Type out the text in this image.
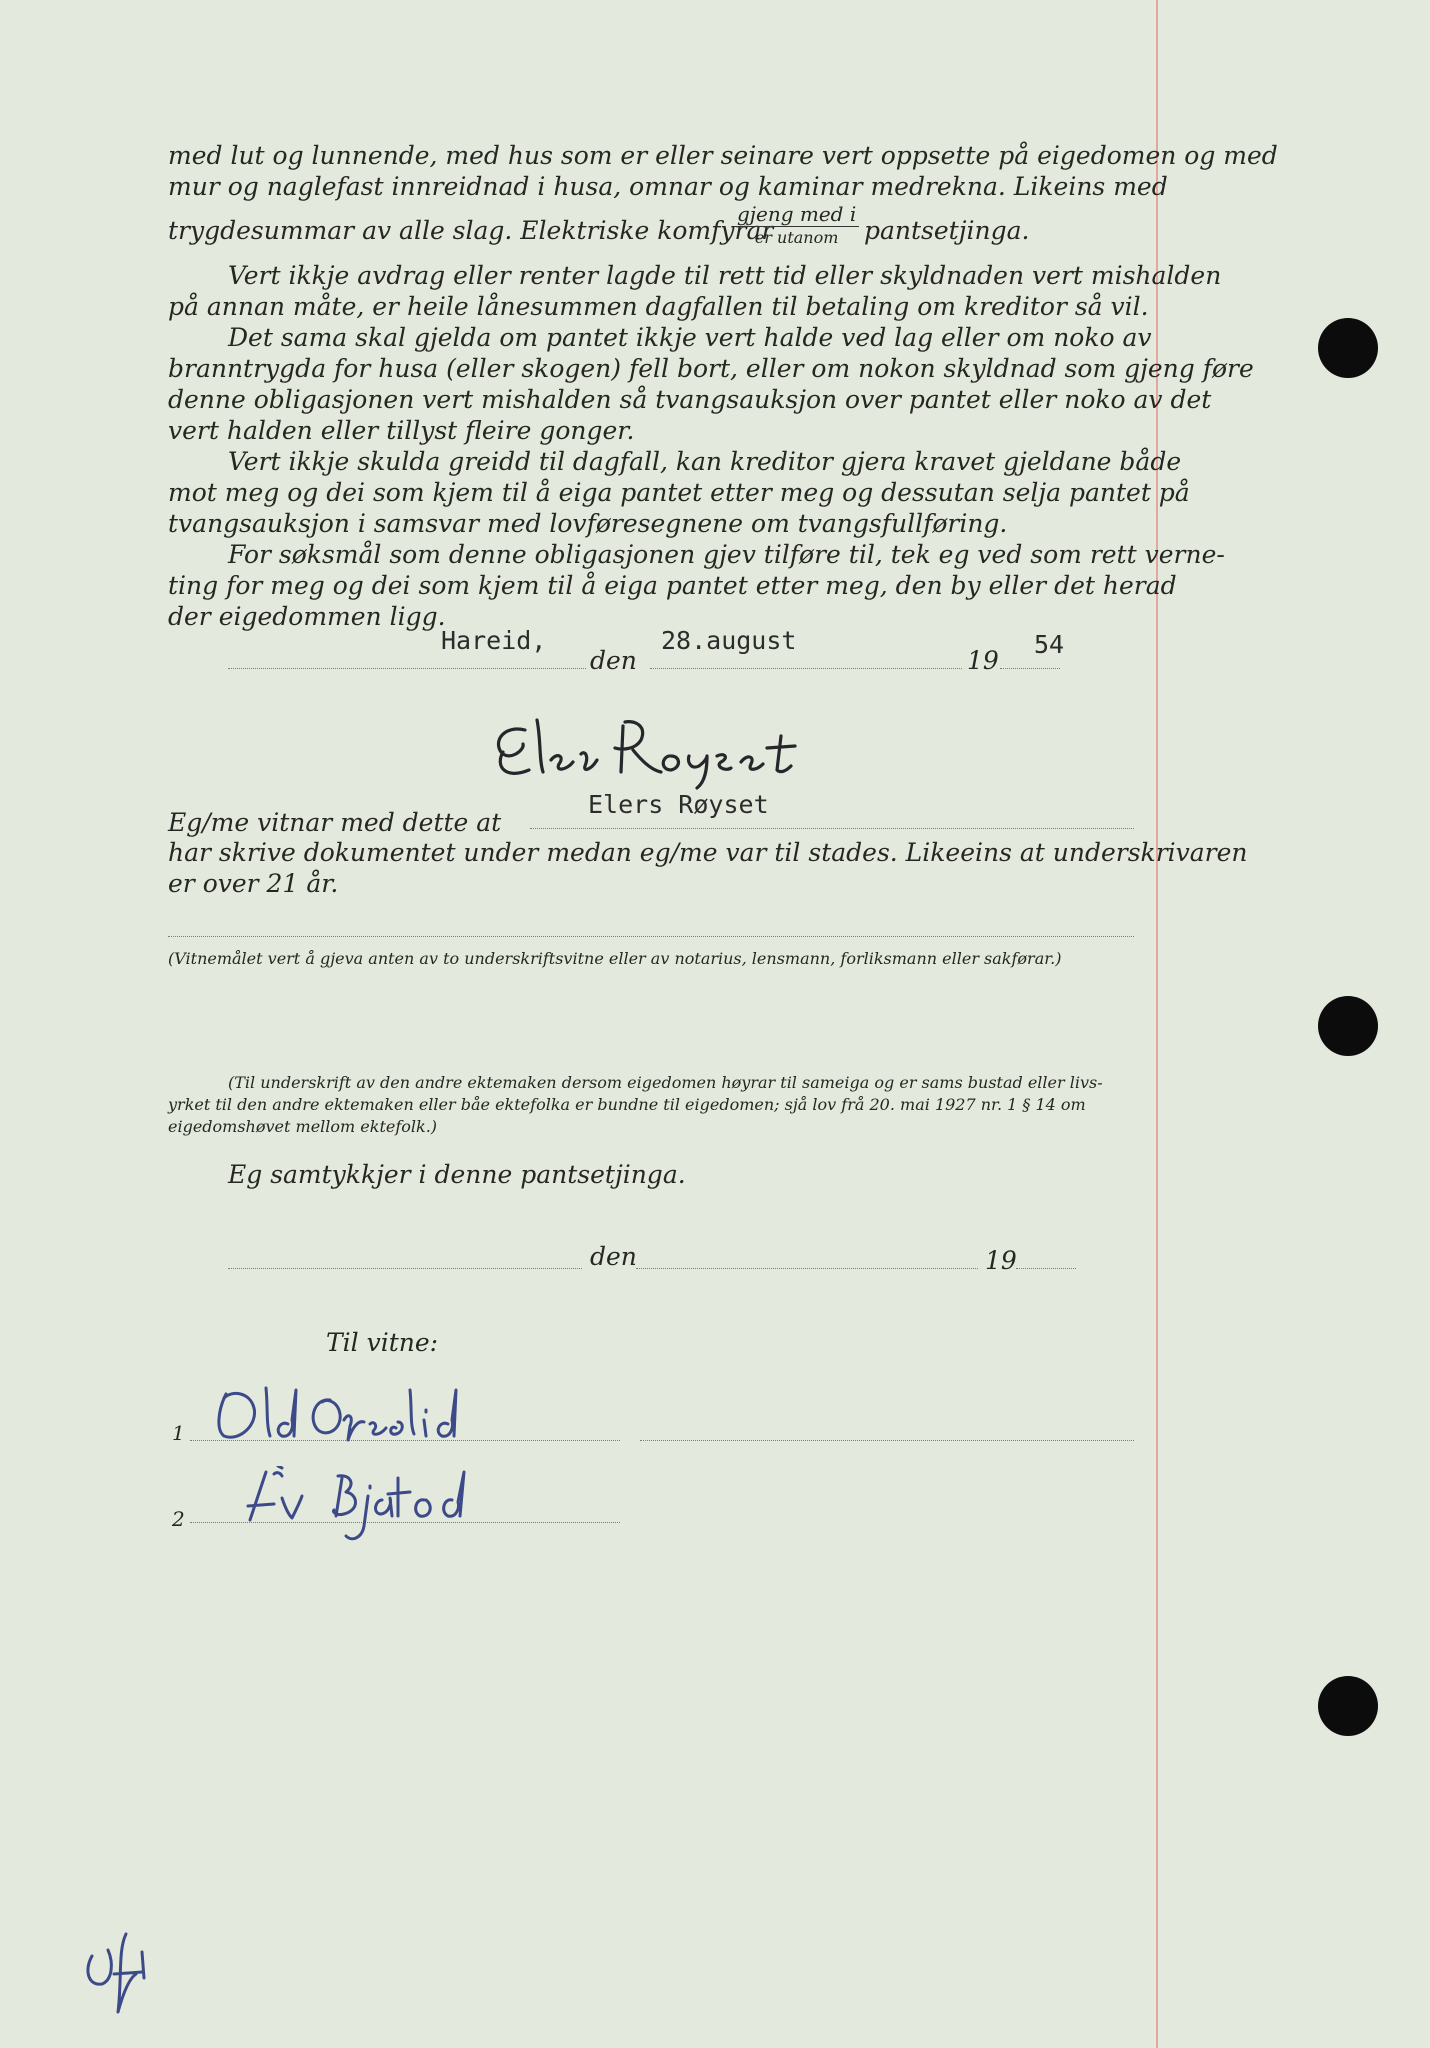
med lut og lunnende, med hus som er eller seinare vert oppsette på eigedomen og med
mur og naglefast innreidnad i husa, omnar og kaminar medrekna. Likeins med
trygdesummar av alle slag. Elektriske komfyrar
gjeng med i
er utanom	pantsetjinga.
Vert ikkje avdrag eller renter lagde til rett tid eller skyldnaden vert mishalden
på annan måte, er heile lånesummen dagfallen til betaling om kreditor så vil.
Det sama skal gjelda om pantet ikkje vert halde ved lag eller om noko av
branntrygda for husa (eller skogen) fell bort, eller om nokon skyldnad som gjeng føre
denne obligasjonen vert mishalden så tvangsauksjon over pantet eller noko av det
vert halden eller tillyst fleire gonger.
Vert ikkje skulda greidd til dagfall, kan kreditor gjera kravet gjeldane både
mot meg og dei som kjem til å eiga pantet etter meg og dessutan selja pantet på
tvangsauksjon i samsvar med lovføresegnene om tvangsfullføring.
For søksmål som denne obligasjonen gjev tilføre til, tek eg ved som rett verne-
ting for meg og dei som kjem til å eiga pantet etter meg, den by eller det herad
der eigedommen ligg.
Hareid,
den
28.august
19
54
Elers Røyset
Eg/me vitnar med dette at
har skrive dokumentet under medan eg/me var til stades. Likeeins at underskrivaren
er over 21 år.
(Vitnemålet vert å gjeva anten av to underskriftsvitne eller av notarius, lensmann, forliksmann eller sakførar.)
(Til underskrift av den andre ektemaken dersom eigedomen høyrar til sameiga og er sams bustad eller livs-
yrket til den andre ektemaken eller båe ektefolka er bundne til eigedomen; sjå lov frå 20. mai 1927 nr. 1 § 14 om
eigedomshøvet mellom ektefolk.)
Eg samtykkjer i denne pantsetjinga.
den	19
Til vitne:
1
2
